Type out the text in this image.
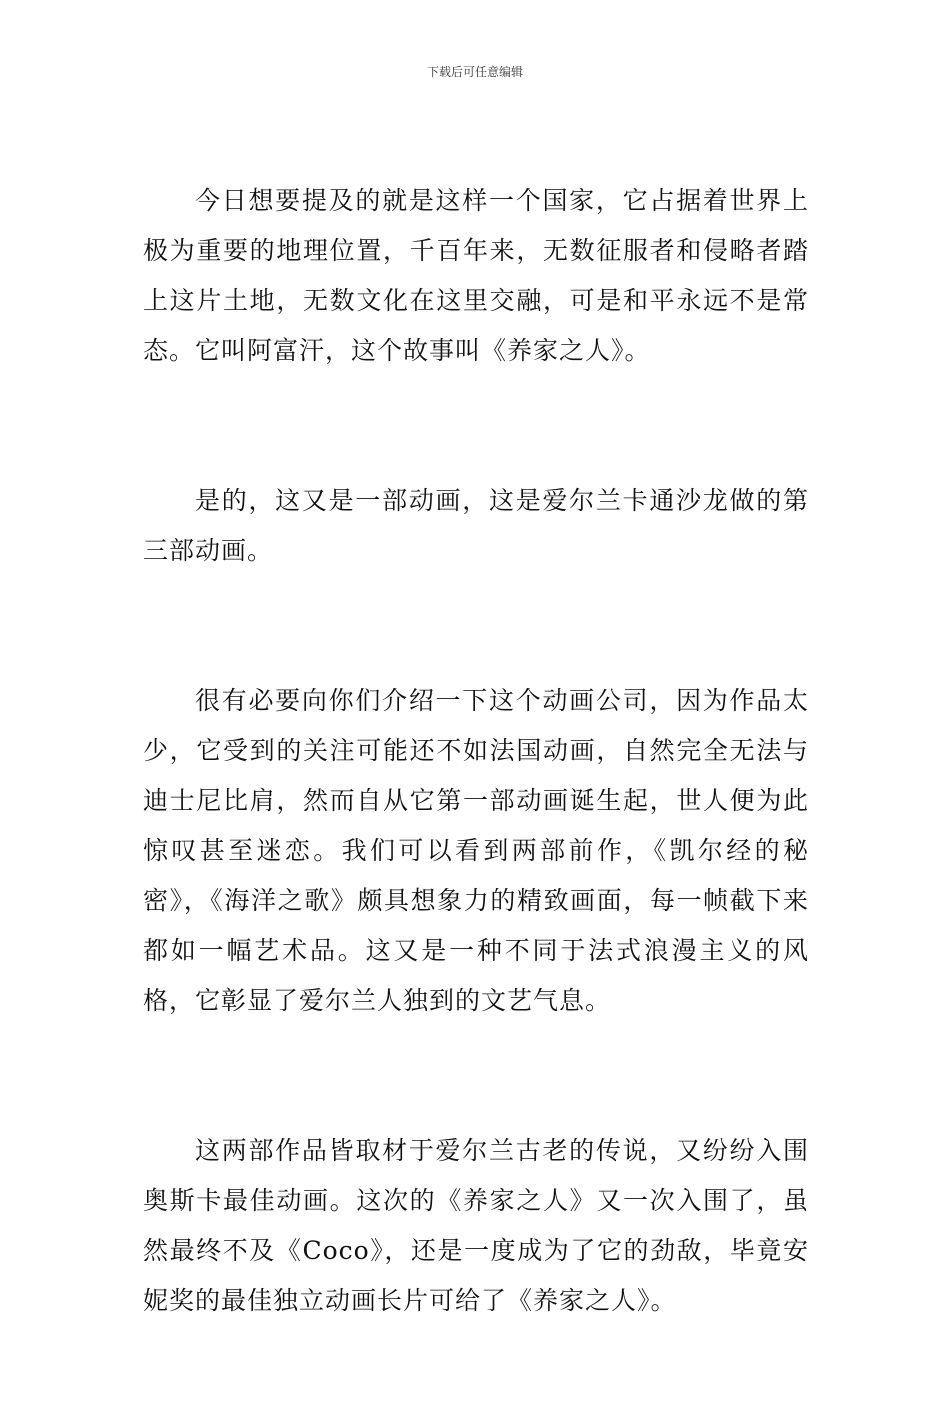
下载后可任意编辑

今日想要提及的就是这样一个国家，它占据着世界上极为重要的地理位置，千百年来，无数征服者和侵略者踏上这片土地，无数文化在这里交融，可是和平永远不是常态。它叫阿富汗，这个故事叫《养家之人》。

是的，这又是一部动画，这是爱尔兰卡通沙龙做的第三部动画。

很有必要向你们介绍一下这个动画公司，因为作品太少，它受到的关注可能还不如法国动画，自然完全无法与迪士尼比肩，然而自从它第一部动画诞生起，世人便为此惊叹甚至迷恋。我们可以看到两部前作，《凯尔经的秘密》，《海洋之歌》颇具想象力的精致画面，每一帧截下来都如一幅艺术品。这又是一种不同于法式浪漫主义的风格，它彰显了爱尔兰人独到的文艺气息。

这两部作品皆取材于爱尔兰古老的传说，又纷纷入围奥斯卡最佳动画。这次的《养家之人》又一次入围了，虽然最终不及《Coco》，还是一度成为了它的劲敌，毕竟安妮奖的最佳独立动画长片可给了《养家之人》。
